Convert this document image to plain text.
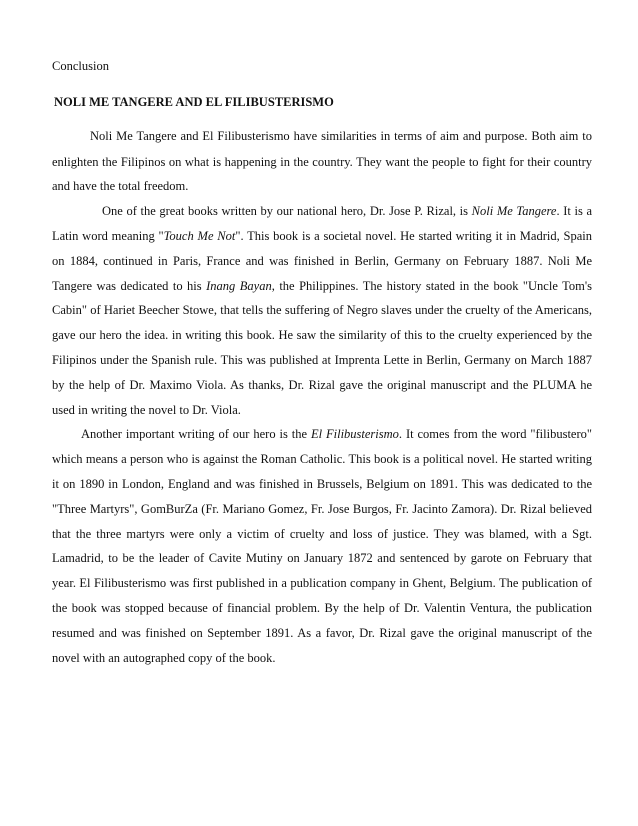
Conclusion
NOLI ME TANGERE AND EL FILIBUSTERISMO
Noli Me Tangere and El Filibusterismo have similarities in terms of aim and purpose. Both aim to
enlighten the Filipinos on what is happening in the country. They want the people to fight for their country
and have the total freedom.
One of the great books written by our national hero, Dr. Jose P. Rizal, is Noli Me Tangere. It is a
Latin word meaning "Touch Me Not". This book is a societal novel. He started writing it in Madrid, Spain
on 1884, continued in Paris, France and was finished in Berlin, Germany on February 1887. Noli Me
Tangere was dedicated to his Inang Bayan, the Philippines. The history stated in the book "Uncle Tom's
Cabin" of Hariet Beecher Stowe, that tells the suffering of Negro slaves under the cruelty of the Americans,
gave our hero the idea. in writing this book. He saw the similarity of this to the cruelty experienced by the
Filipinos under the Spanish rule. This was published at Imprenta Lette in Berlin, Germany on March 1887
by the help of Dr. Maximo Viola. As thanks, Dr. Rizal gave the original manuscript and the PLUMA he
used in writing the novel to Dr. Viola.
Another important writing of our hero is the El Filibusterismo. It comes from the word "filibustero"
which means a person who is against the Roman Catholic. This book is a political novel. He started writing
it on 1890 in London, England and was finished in Brussels, Belgium on 1891. This was dedicated to the
"Three Martyrs", GomBurZa (Fr. Mariano Gomez, Fr. Jose Burgos, Fr. Jacinto Zamora). Dr. Rizal believed
that the three martyrs were only a victim of cruelty and loss of justice. They was blamed, with a Sgt.
Lamadrid, to be the leader of Cavite Mutiny on January 1872 and sentenced by garote on February that
year. El Filibusterismo was first published in a publication company in Ghent, Belgium. The publication of
the book was stopped because of financial problem. By the help of Dr. Valentin Ventura, the publication
resumed and was finished on September 1891. As a favor, Dr. Rizal gave the original manuscript of the
novel with an autographed copy of the book.
